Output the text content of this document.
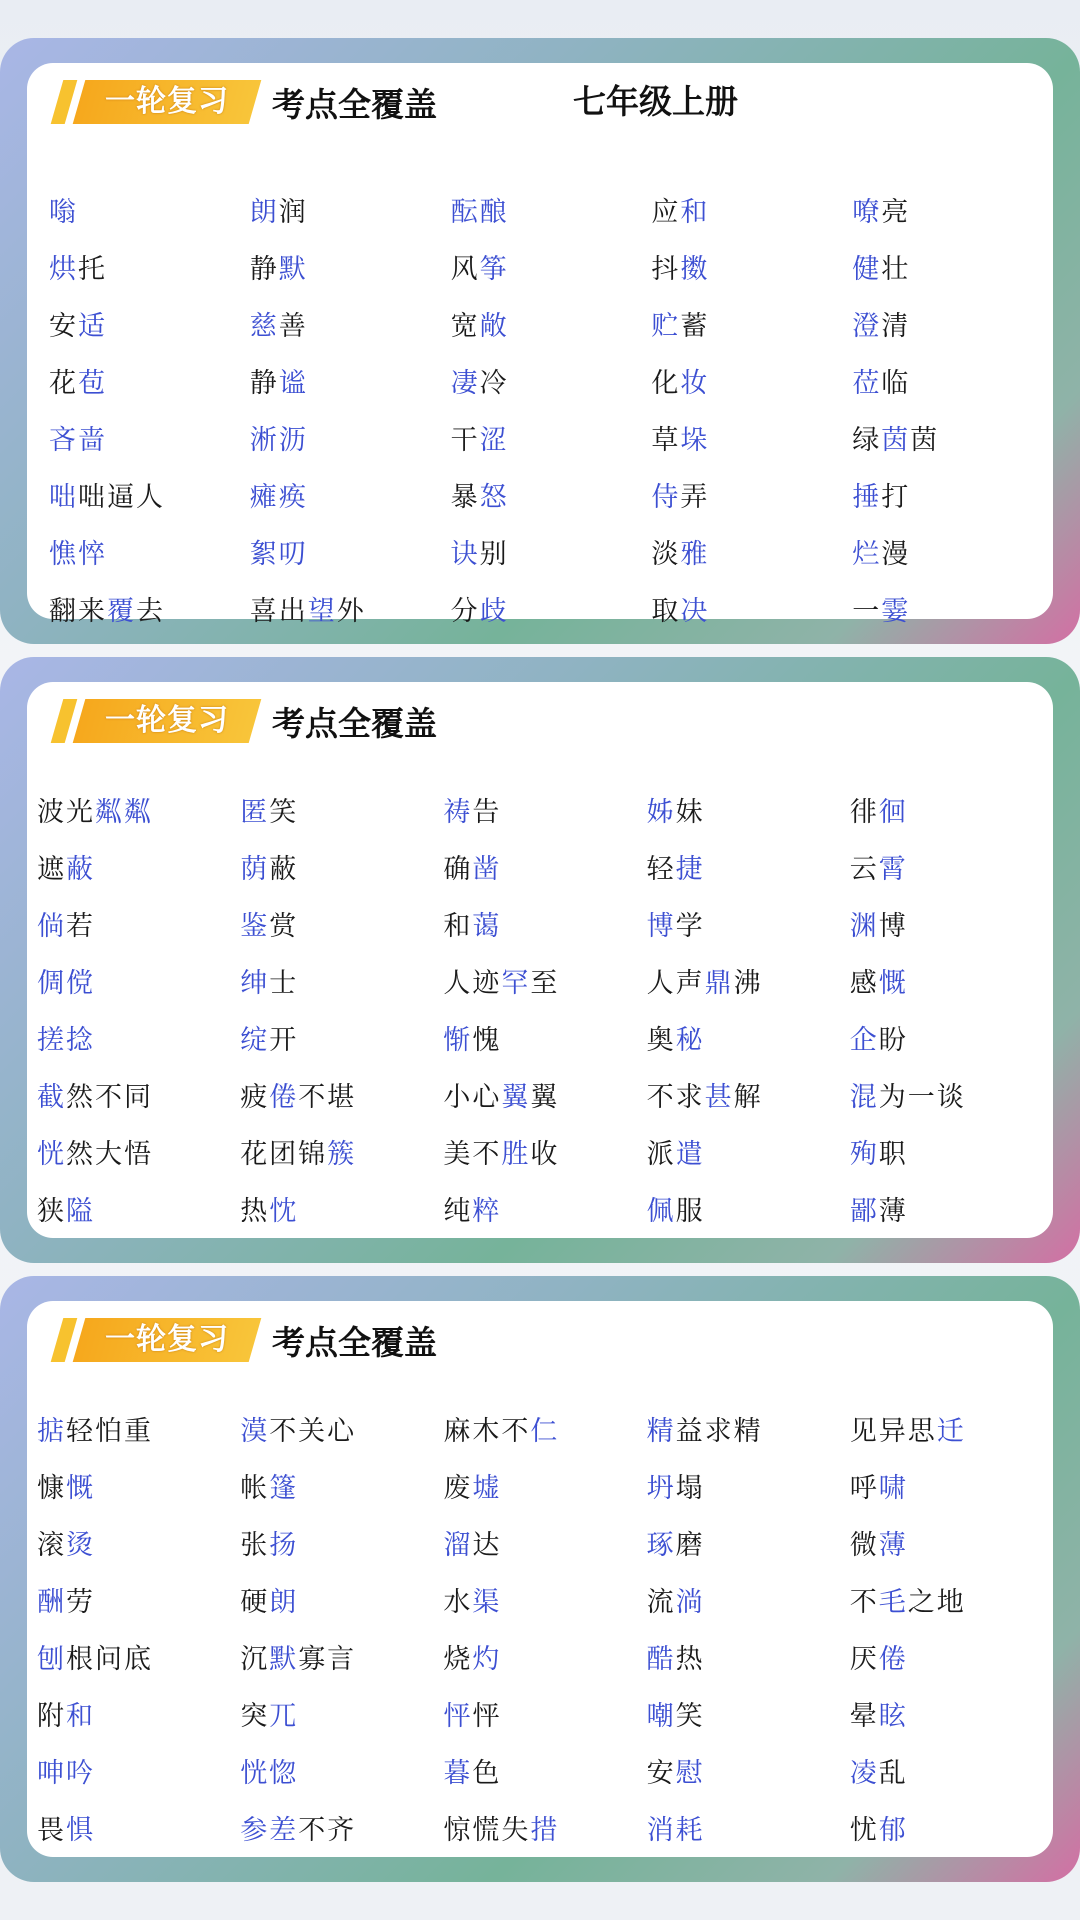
一轮复习	考点全覆盖	七年级上册
嗡	朗润	酝酿	应和	嘹亮
烘托	静默	风筝	抖擞	健壮
安适	慈善	宽敞	贮蓄	澄清
花苞	静谧	凄冷	化妆	莅临
吝啬	淅沥	干涩	草垛	绿茵茵
咄咄逼人	瘫痪	暴怒	侍弄	捶打
憔悴	絮叨	诀别	淡雅	烂漫
翻来覆去	喜出望外	分歧	取决	一霎
一轮复习	考点全覆盖
波光粼粼	匿笑	祷告	姊妹	徘徊
遮蔽	荫蔽	确凿	轻捷	云霄
倘若	鉴赏	和蔼	博学	渊博
倜傥	绅士	人迹罕至	人声鼎沸	感慨
搓捻	绽开	惭愧	奥秘	企盼
截然不同	疲倦不堪	小心翼翼	不求甚解	混为一谈
恍然大悟	花团锦簇	美不胜收	派遣	殉职
狭隘	热忱	纯粹	佩服	鄙薄
一轮复习	考点全覆盖
掂轻怕重	漠不关心	麻木不仁	精益求精	见异思迁
慷慨	帐篷	废墟	坍塌	呼啸
滚烫	张扬	溜达	琢磨	微薄
酬劳	硬朗	水渠	流淌	不毛之地
刨根问底	沉默寡言	烧灼	酷热	厌倦
附和	突兀	怦怦	嘲笑	晕眩
呻吟	恍惚	暮色	安慰	凌乱
畏惧	参差不齐	惊慌失措	消耗	忧郁
